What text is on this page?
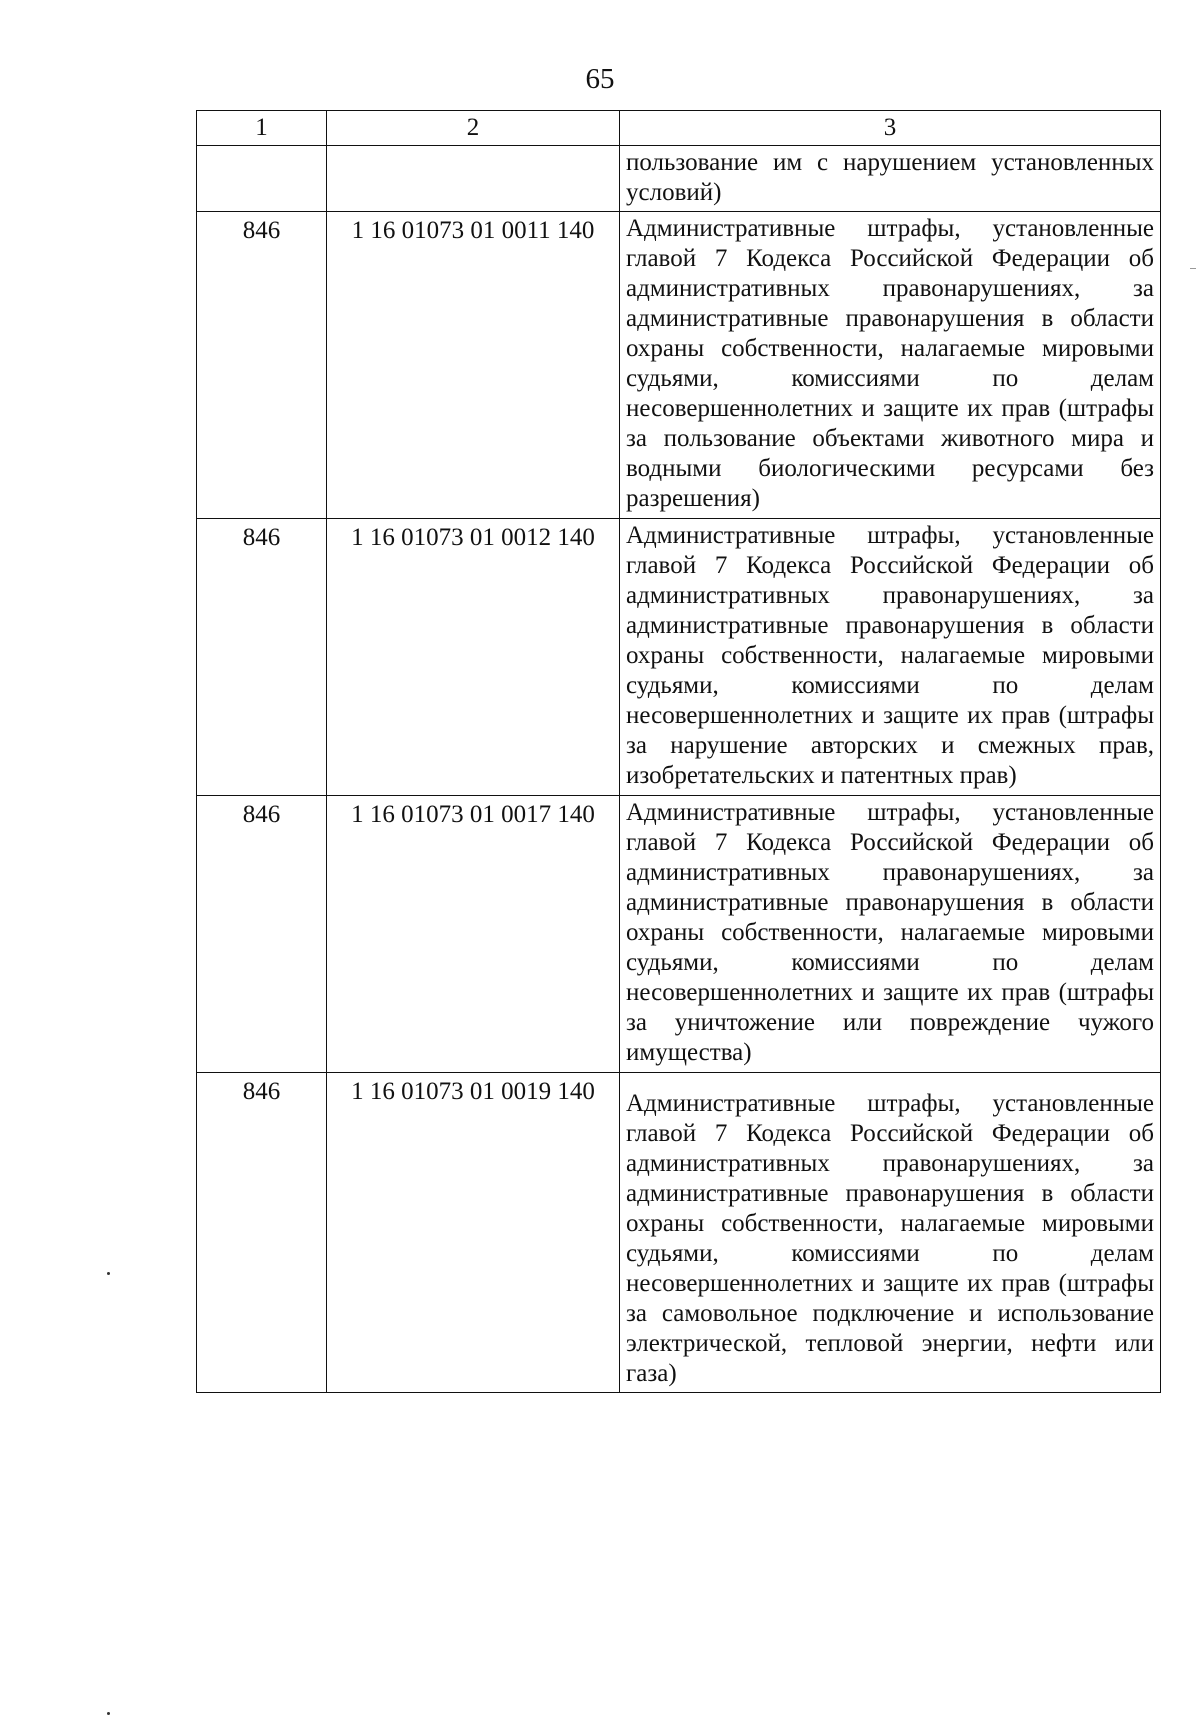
65
1	2	3
		пользование им с нарушением установленных условий)
846	1 16 01073 01 0011 140	Административные штрафы, установленные главой 7 Кодекса Российской Федерации об административных правонарушениях, за административные правонарушения в области охраны собственности, налагаемые мировыми судьями, комиссиями по делам несовершеннолетних и защите их прав (штрафы за пользование объектами животного мира и водными биологическими ресурсами без разрешения)
846	1 16 01073 01 0012 140	Административные штрафы, установленные главой 7 Кодекса Российской Федерации об административных правонарушениях, за административные правонарушения в области охраны собственности, налагаемые мировыми судьями, комиссиями по делам несовершеннолетних и защите их прав (штрафы за нарушение авторских и смежных прав, изобретательских и патентных прав)
846	1 16 01073 01 0017 140	Административные штрафы, установленные главой 7 Кодекса Российской Федерации об административных правонарушениях, за административные правонарушения в области охраны собственности, налагаемые мировыми судьями, комиссиями по делам несовершеннолетних и защите их прав (штрафы за уничтожение или повреждение чужого имущества)
846	1 16 01073 01 0019 140	Административные штрафы, установленные главой 7 Кодекса Российской Федерации об административных правонарушениях, за административные правонарушения в области охраны собственности, налагаемые мировыми судьями, комиссиями по делам несовершеннолетних и защите их прав (штрафы за самовольное подключение и использование электрической, тепловой энергии, нефти или газа)
